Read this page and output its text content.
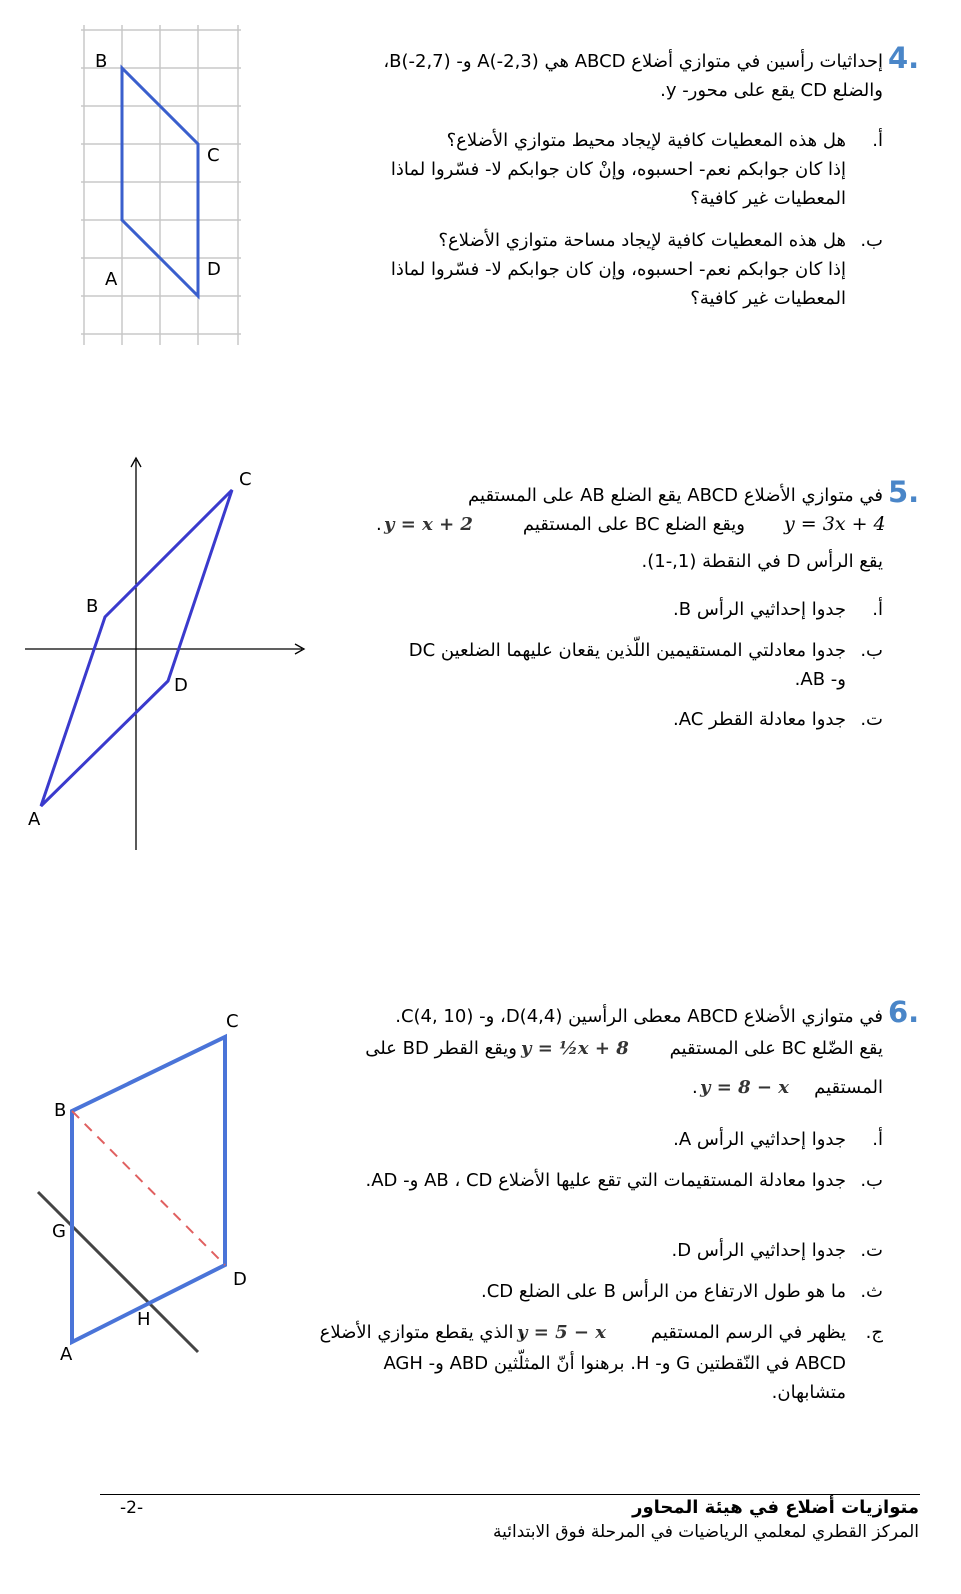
B
C
A	D
4.
إحداثيات رأسين في متوازي أضلاع ABCD هي A(-2,3) و- B(-2,7)،
والضلع CD يقع على محور- y.
أ.
هل هذه المعطيات كافية لإيجاد محيط متوازي الأضلاع؟
إذا كان جوابكم نعم- احسبوه، وإنْ كان جوابكم لا- فسّروا لماذا
المعطيات غير كافية؟
ب.
هل هذه المعطيات كافية لإيجاد مساحة متوازي الأضلاع؟
إذا كان جوابكم نعم- احسبوه، وإن كان جوابكم لا- فسّروا لماذا
المعطيات غير كافية؟
C
B
D
A
5.
في متوازي الأضلاع ABCD يقع الضلع AB على المستقيم
y = 3x + 4
ويقع الضلع BC على المستقيم
y = x + 2
.
يقع الرأس D في النقطة (1,-1).
أ.
جدوا إحداثيي الرأس B.
ب.
جدوا معادلتي المستقيمين اللّذين يقعان عليهما الضلعين DC
و- AB.
ت.
جدوا معادلة القطر AC.
C
B
G
D
H
A
6.
في متوازي الأضلاع ABCD معطى الرأسين D(4,4)، و- C(4, 10).
يقع الضّلع BC على المستقيم
y = ½x + 8
ويقع القطر BD على
المستقيم
y = 8 − x
.
أ.
جدوا إحداثيي الرأس A.
ب.
جدوا معادلة المستقيمات التي تقع عليها الأضلاع AB ، CD و- AD.
ت.
جدوا إحداثيي الرأس D.
ث.
ما هو طول الارتفاع من الرأس B على الضلع CD.
ج.
يظهر في الرسم المستقيم
y = 5 − x
، الذي يقطع متوازي الأضلاع
ABCD في النّقطتين G و- H. برهنوا أنّ المثلّثين ABD و- AGH
متشابهان.
-2-	متوازيات أضلاع في هيئة المحاور
المركز القطري لمعلمي الرياضيات في المرحلة فوق الابتدائية
